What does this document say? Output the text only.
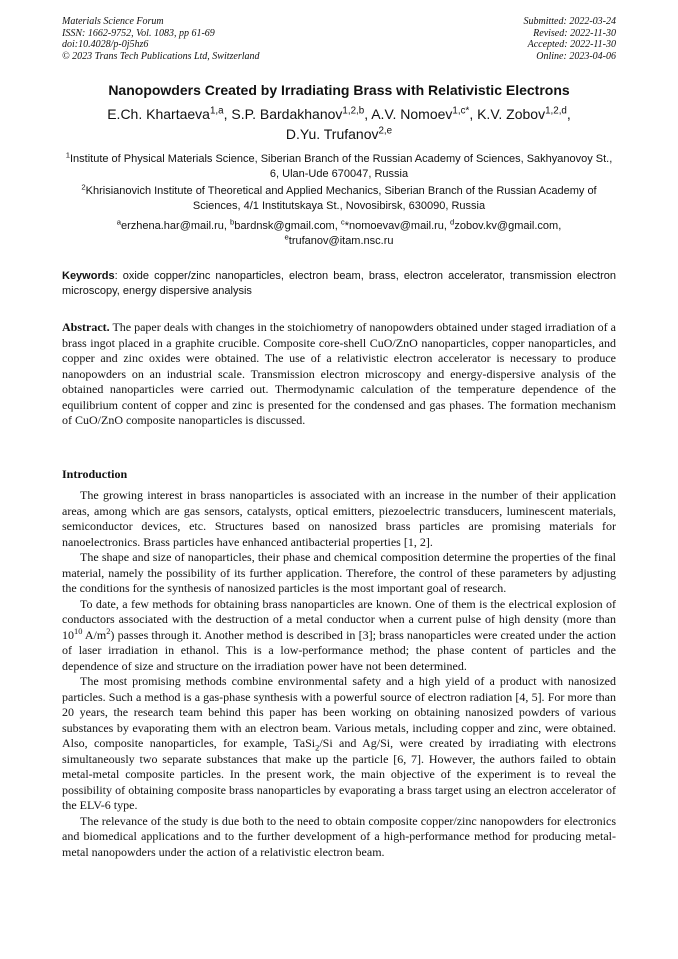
Materials Science Forum
ISSN: 1662-9752, Vol. 1083, pp 61-69
doi:10.4028/p-0j5hz6
© 2023 Trans Tech Publications Ltd, Switzerland
Submitted: 2022-03-24
Revised: 2022-11-30
Accepted: 2022-11-30
Online: 2023-04-06
Nanopowders Created by Irradiating Brass with Relativistic Electrons
E.Ch. Khartaeva$^{1,a}$, S.P. Bardakhanov$^{1,2,b}$, A.V. Nomoev$^{1,c*}$, K.V. Zobov$^{1,2,d}$,
D.Yu. Trufanov$^{2,e}$
$^1$Institute of Physical Materials Science, Siberian Branch of the Russian Academy of Sciences, Sakhyanovoy St., 6, Ulan-Ude 670047, Russia
$^2$Khrisianovich Institute of Theoretical and Applied Mechanics, Siberian Branch of the Russian Academy of Sciences, 4/1 Institutskaya St., Novosibirsk, 630090, Russia
$^a$erzhena.har@mail.ru, $^b$bardnsk@gmail.com, $^c$*nomoevav@mail.ru, $^d$zobov.kv@gmail.com,
$^e$trufanov@itam.nsc.ru
Keywords: oxide copper/zinc nanoparticles, electron beam, brass, electron accelerator, transmission electron microscopy, energy dispersive analysis

Abstract. The paper deals with changes in the stoichiometry of nanopowders obtained under staged irradiation of a brass ingot placed in a graphite crucible. Composite core-shell CuO/ZnO nanoparticles, copper nanoparticles, and copper and zinc oxides were obtained. The use of a relativistic electron accelerator is necessary to produce nanopowders on an industrial scale. Transmission electron microscopy and energy-dispersive analysis of the obtained nanoparticles were carried out. Thermodynamic calculation of the temperature dependence of the equilibrium content of copper and zinc is presented for the condensed and gas phases. The formation mechanism of CuO/ZnO composite nanoparticles is discussed.

Introduction

The growing interest in brass nanoparticles is associated with an increase in the number of their application areas, among which are gas sensors, catalysts, optical emitters, piezoelectric transducers, luminescent materials, semiconductor devices, etc. Structures based on nanosized brass particles are promising materials for nanoelectronics. Brass particles have enhanced antibacterial properties [1, 2].

The shape and size of nanoparticles, their phase and chemical composition determine the properties of the final material, namely the possibility of its further application. Therefore, the control of these parameters by adjusting the conditions for the synthesis of nanosized particles is the most important goal of research.

To date, a few methods for obtaining brass nanoparticles are known. One of them is the electrical explosion of conductors associated with the destruction of a metal conductor when a current pulse of high density (more than $10^{10}$ $A/m^2$) passes through it. Another method is described in [3]; brass nanoparticles were created under the action of laser irradiation in ethanol. This is a low-performance method; the phase content of particles and the dependence of size and structure on the irradiation power have not been determined.

The most promising methods combine environmental safety and a high yield of a product with nanosized particles. Such a method is a gas-phase synthesis with a powerful source of electron radiation [4, 5]. For more than 20 years, the research team behind this paper has been working on obtaining nanosized powders of various substances by evaporating them with an electron beam. Various metals, including copper and zinc, were obtained. Also, composite nanoparticles, for example, TaSi$_2$/Si and Ag/Si, were created by irradiating with electrons simultaneously two separate substances that make up the particle [6, 7]. However, the authors failed to obtain metal-metal composite particles. In the present work, the main objective of the experiment is to reveal the possibility of obtaining composite brass nanoparticles by evaporating a brass target using an electron accelerator of the ELV-6 type.

The relevance of the study is due both to the need to obtain composite copper/zinc nanopowders for electronics and biomedical applications and to the further development of a high-performance method for producing metal-metal nanopowders under the action of a relativistic electron beam.
